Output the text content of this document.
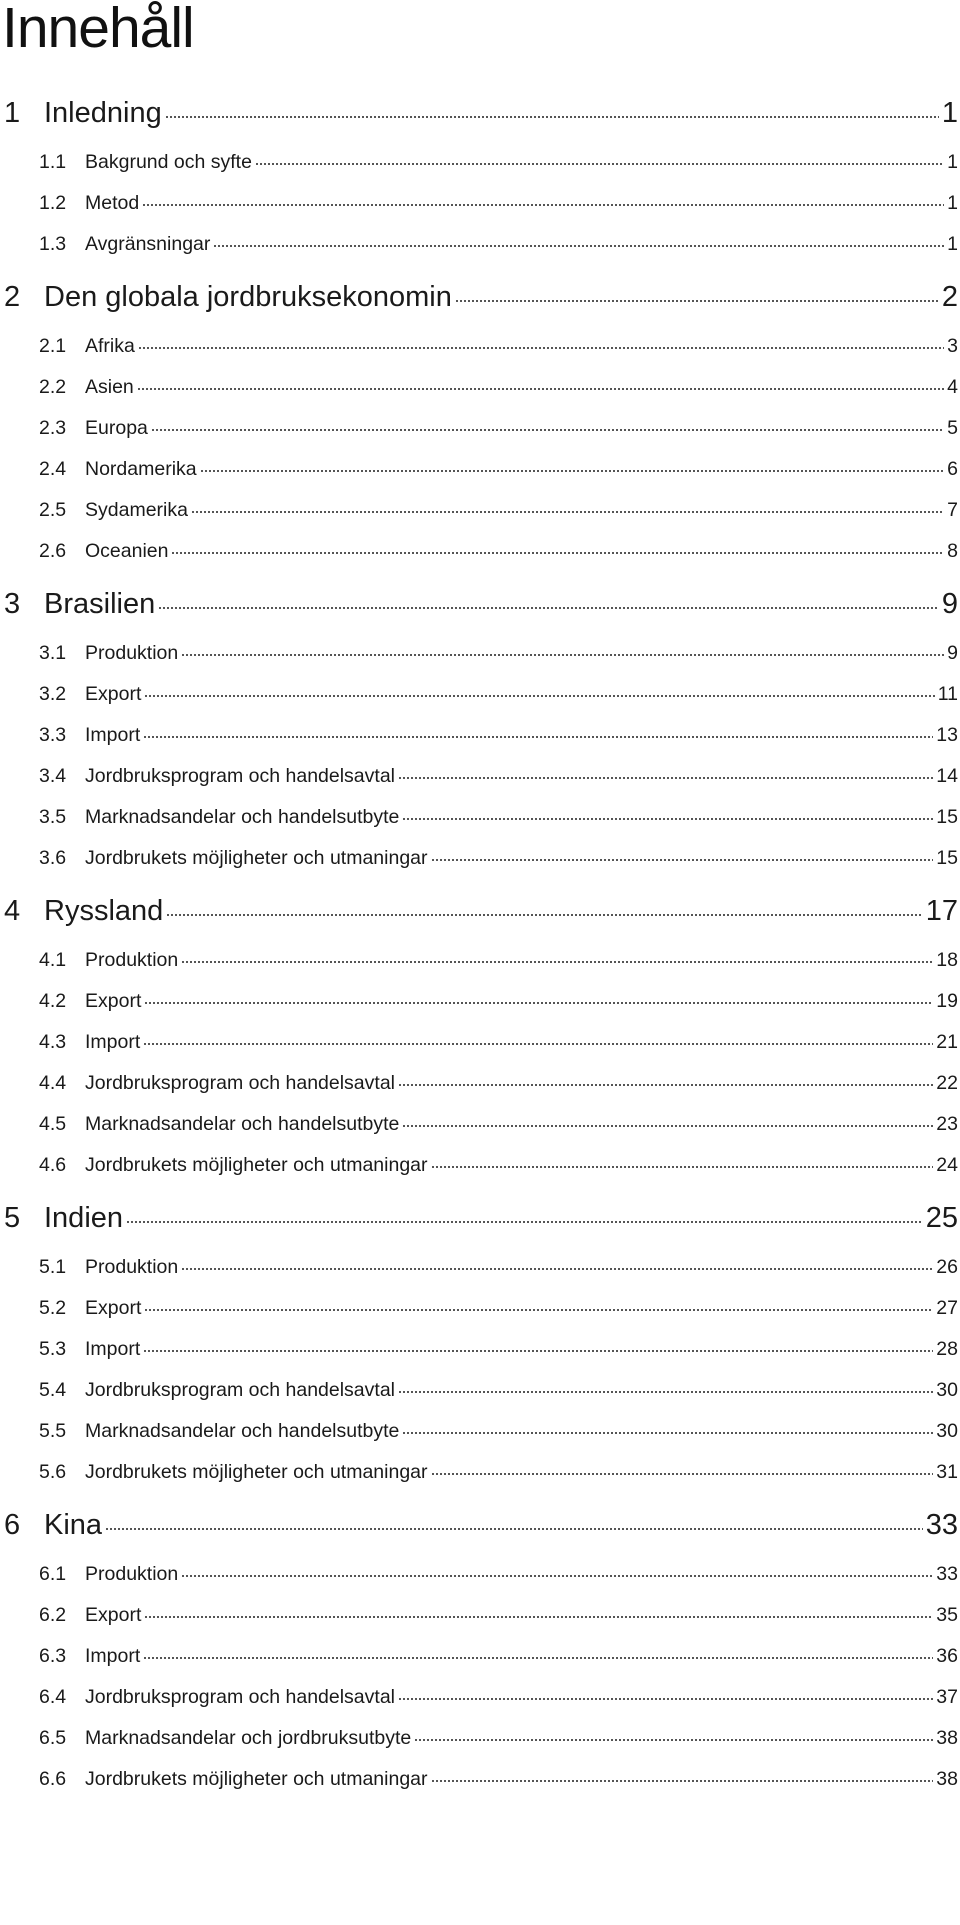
Innehåll
1 Inledning	1
1.1 Bakgrund och syfte	1
1.2 Metod	1
1.3 Avgränsningar	1
2 Den globala jordbruksekonomin	2
2.1 Afrika	3
2.2 Asien	4
2.3 Europa	5
2.4 Nordamerika	6
2.5 Sydamerika	7
2.6 Oceanien	8
3 Brasilien	9
3.1 Produktion	9
3.2 Export	11
3.3 Import	13
3.4 Jordbruksprogram och handelsavtal	14
3.5 Marknadsandelar och handelsutbyte	15
3.6 Jordbrukets möjligheter och utmaningar	15
4 Ryssland	17
4.1 Produktion	18
4.2 Export	19
4.3 Import	21
4.4 Jordbruksprogram och handelsavtal	22
4.5 Marknadsandelar och handelsutbyte	23
4.6 Jordbrukets möjligheter och utmaningar	24
5 Indien	25
5.1 Produktion	26
5.2 Export	27
5.3 Import	28
5.4 Jordbruksprogram och handelsavtal	30
5.5 Marknadsandelar och handelsutbyte	30
5.6 Jordbrukets möjligheter och utmaningar	31
6 Kina	33
6.1 Produktion	33
6.2 Export	35
6.3 Import	36
6.4 Jordbruksprogram och handelsavtal	37
6.5 Marknadsandelar och jordbruksutbyte	38
6.6 Jordbrukets möjligheter och utmaningar	38
